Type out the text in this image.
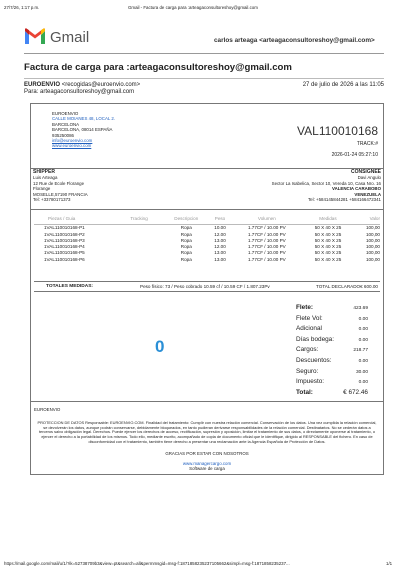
27/7/26, 1:17 p.m.	Gmail - Factura de carga para :arteagaconsultoreshoy@gmail.com
Gmail	carlos arteaga <arteagaconsultoreshoy@gmail.com>
Factura de carga para :arteagaconsultoreshoy@gmail.com
EUROENVIO <recogidas@euroenvio.com>	27 de julio de 2026 a las 11:05
Para: arteagaconsultoreshoy@gmail.com
EUROENVIO
CALLE MOIANES 48, LOCAL 2.
BARCELONA
BARCELONA, 08014 ESPAÑA
935250086
info@euroenvio.com
www.euroenvio.com
VAL110010168
TRACK:#
2026-01-24 05:27:10
SHIPPER
Luis Arteaga
12 Rue de Ecole Florange
Florange
MOSELLE,57190 FRANCIA
Tel: +33780171373
CONSIGNEE
Davi Angulo
Sector La Isabelica, Sector 10, Vereda 10, Casa Nro. 16
VALENCIA CARABOBO
VENEZUELA
Tel: +584145844281 +584166472341
Piezas / Guia	Tracking	Descripcion	Peso	Volumen	Medidas	Valor
1VAL110010168-P1		Ropa	10.00	1.77CF / 10.00 PV	50 X 40 X 25	100,00
1VAL110010168-P2		Ropa	12.00	1.77CF / 10.00 PV	50 X 40 X 25	100,00
1VAL110010168-P3		Ropa	13.00	1.77CF / 10.00 PV	50 X 40 X 25	100,00
1VAL110010168-P4		Ropa	12.00	1.77CF / 10.00 PV	50 X 40 X 25	100,00
1VAL110010168-P5		Ropa	13.00	1.77CF / 10.00 PV	50 X 40 X 25	100,00
1VAL110010168-P6		Ropa	13.00	1.77CF / 10.00 PV	50 X 40 X 25	100,00
TOTALES MEDIDAS:	Peso físico: 73 / Peso cobrado 10.59 cf / 10.59 CF / 1.807.23Pv	TOTAL DECLARADO€ 600.00
0
Flete:	423.69
Flete Vol:	0.00
Adicional	0.00
Días bodega:	0.00
Cargos:	218.77
Descuentos:	0.00
Seguro:	30.00
Impuesto:	0.00
Total:	€ 672.46
EUROENVIO
PROTECCION DE DATOS Responsable: EUROENVIO.COM. Finalidad del tratamiento: Cumplir con nuestra relación comercial. Conservación de los datos. Una vez cumplida la relación comercial, se devolverán los datos, aunque podrán conservarse, debidamente bloqueados, en tanto pudieran derivarse responsabilidades de la relación comercial. Destinatarios. No se cederán datos a terceros salvo obligación legal. Derechos. Puede ejercer los derechos de acceso, rectificación, supresión y oposición, limitar el tratamiento de sus datos, o directamente oponerse al tratamiento, o ejercer el derecho a la portabilidad de los mismos. Todo ello, mediante escrito, acompañado de copia de documento oficial que le identifique, dirigido al RESPONSABLE del fichero. En caso de disconformidad con el tratamiento, también tiene derecho a presentar una reclamación ante la Agencia Española de Protección de Datos.
GRACIAS POR ESTAR CON NOSOTROS
www.managercargo.com
Software de carga
https://mail.google.com/mail/u/1/?ik=52738709b3&view=pt&search=all&permmsgid=msg-f:1871858235237105662&simpl=msg-f:1871858235237...	1/1
